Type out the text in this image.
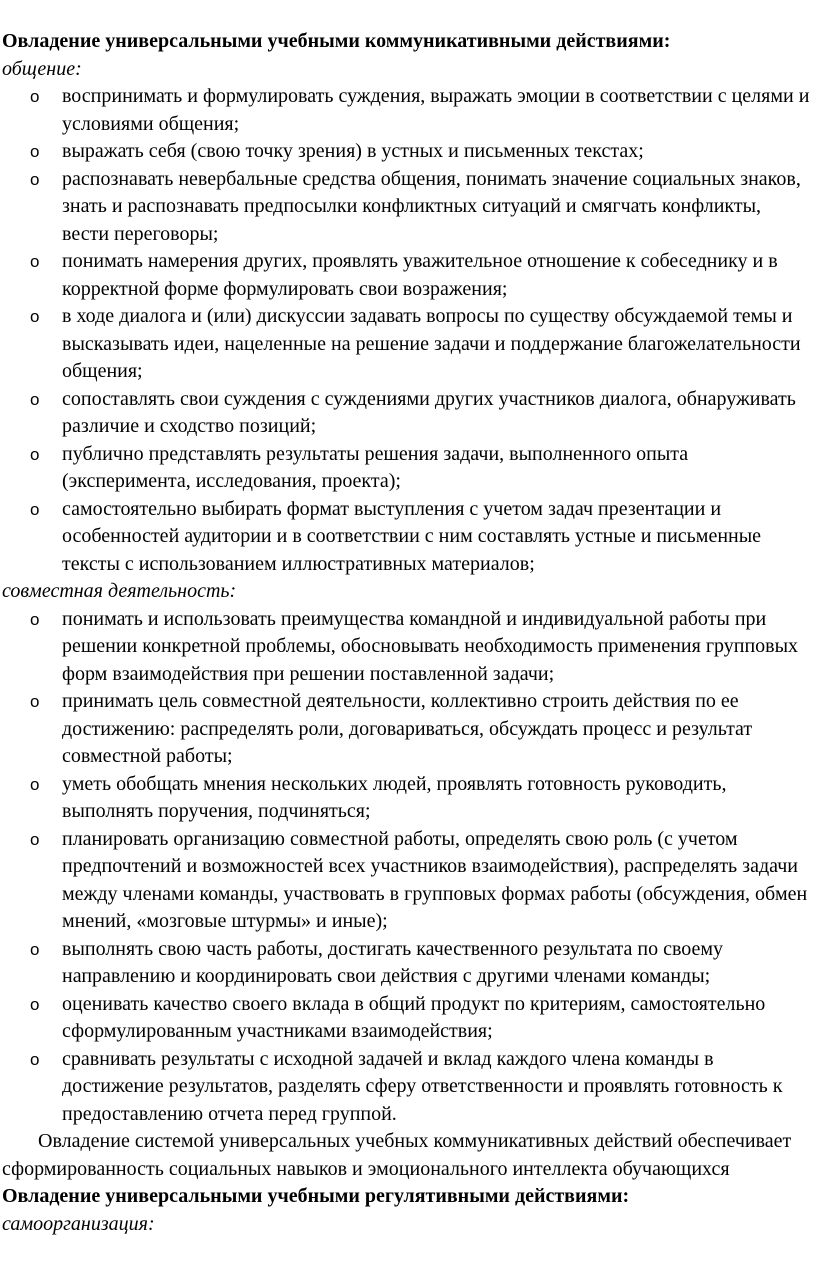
Овладение универсальными учебными коммуникативными действиями:

общение:

o воспринимать и формулировать суждения, выражать эмоции в соответствии с целями и условиями общения;
o выражать себя (свою точку зрения) в устных и письменных текстах;
o распознавать невербальные средства общения, понимать значение социальных знаков, знать и распознавать предпосылки конфликтных ситуаций и смягчать конфликты, вести переговоры;
o понимать намерения других, проявлять уважительное отношение к собеседнику и в корректной форме формулировать свои возражения;
o в ходе диалога и (или) дискуссии задавать вопросы по существу обсуждаемой темы и высказывать идеи, нацеленные на решение задачи и поддержание благожелательности общения;
o сопоставлять свои суждения с суждениями других участников диалога, обнаруживать различие и сходство позиций;
o публично представлять результаты решения задачи, выполненного опыта (эксперимента, исследования, проекта);
o самостоятельно выбирать формат выступления с учетом задач презентации и особенностей аудитории и в соответствии с ним составлять устные и письменные тексты с использованием иллюстративных материалов;

совместная деятельность:

o понимать и использовать преимущества командной и индивидуальной работы при решении конкретной проблемы, обосновывать необходимость применения групповых форм взаимодействия при решении поставленной задачи;
o принимать цель совместной деятельности, коллективно строить действия по ее достижению: распределять роли, договариваться, обсуждать процесс и результат совместной работы;
o уметь обобщать мнения нескольких людей, проявлять готовность руководить, выполнять поручения, подчиняться;
o планировать организацию совместной работы, определять свою роль (с учетом предпочтений и возможностей всех участников взаимодействия), распределять задачи между членами команды, участвовать в групповых формах работы (обсуждения, обмен мнений, «мозговые штурмы» и иные);
o выполнять свою часть работы, достигать качественного результата по своему направлению и координировать свои действия с другими членами команды;
o оценивать качество своего вклада в общий продукт по критериям, самостоятельно сформулированным участниками взаимодействия;
o сравнивать результаты с исходной задачей и вклад каждого члена команды в достижение результатов, разделять сферу ответственности и проявлять готовность к предоставлению отчета перед группой.

Овладение системой универсальных учебных коммуникативных действий обеспечивает сформированность социальных навыков и эмоционального интеллекта обучающихся

Овладение универсальными учебными регулятивными действиями:

самоорганизация:
